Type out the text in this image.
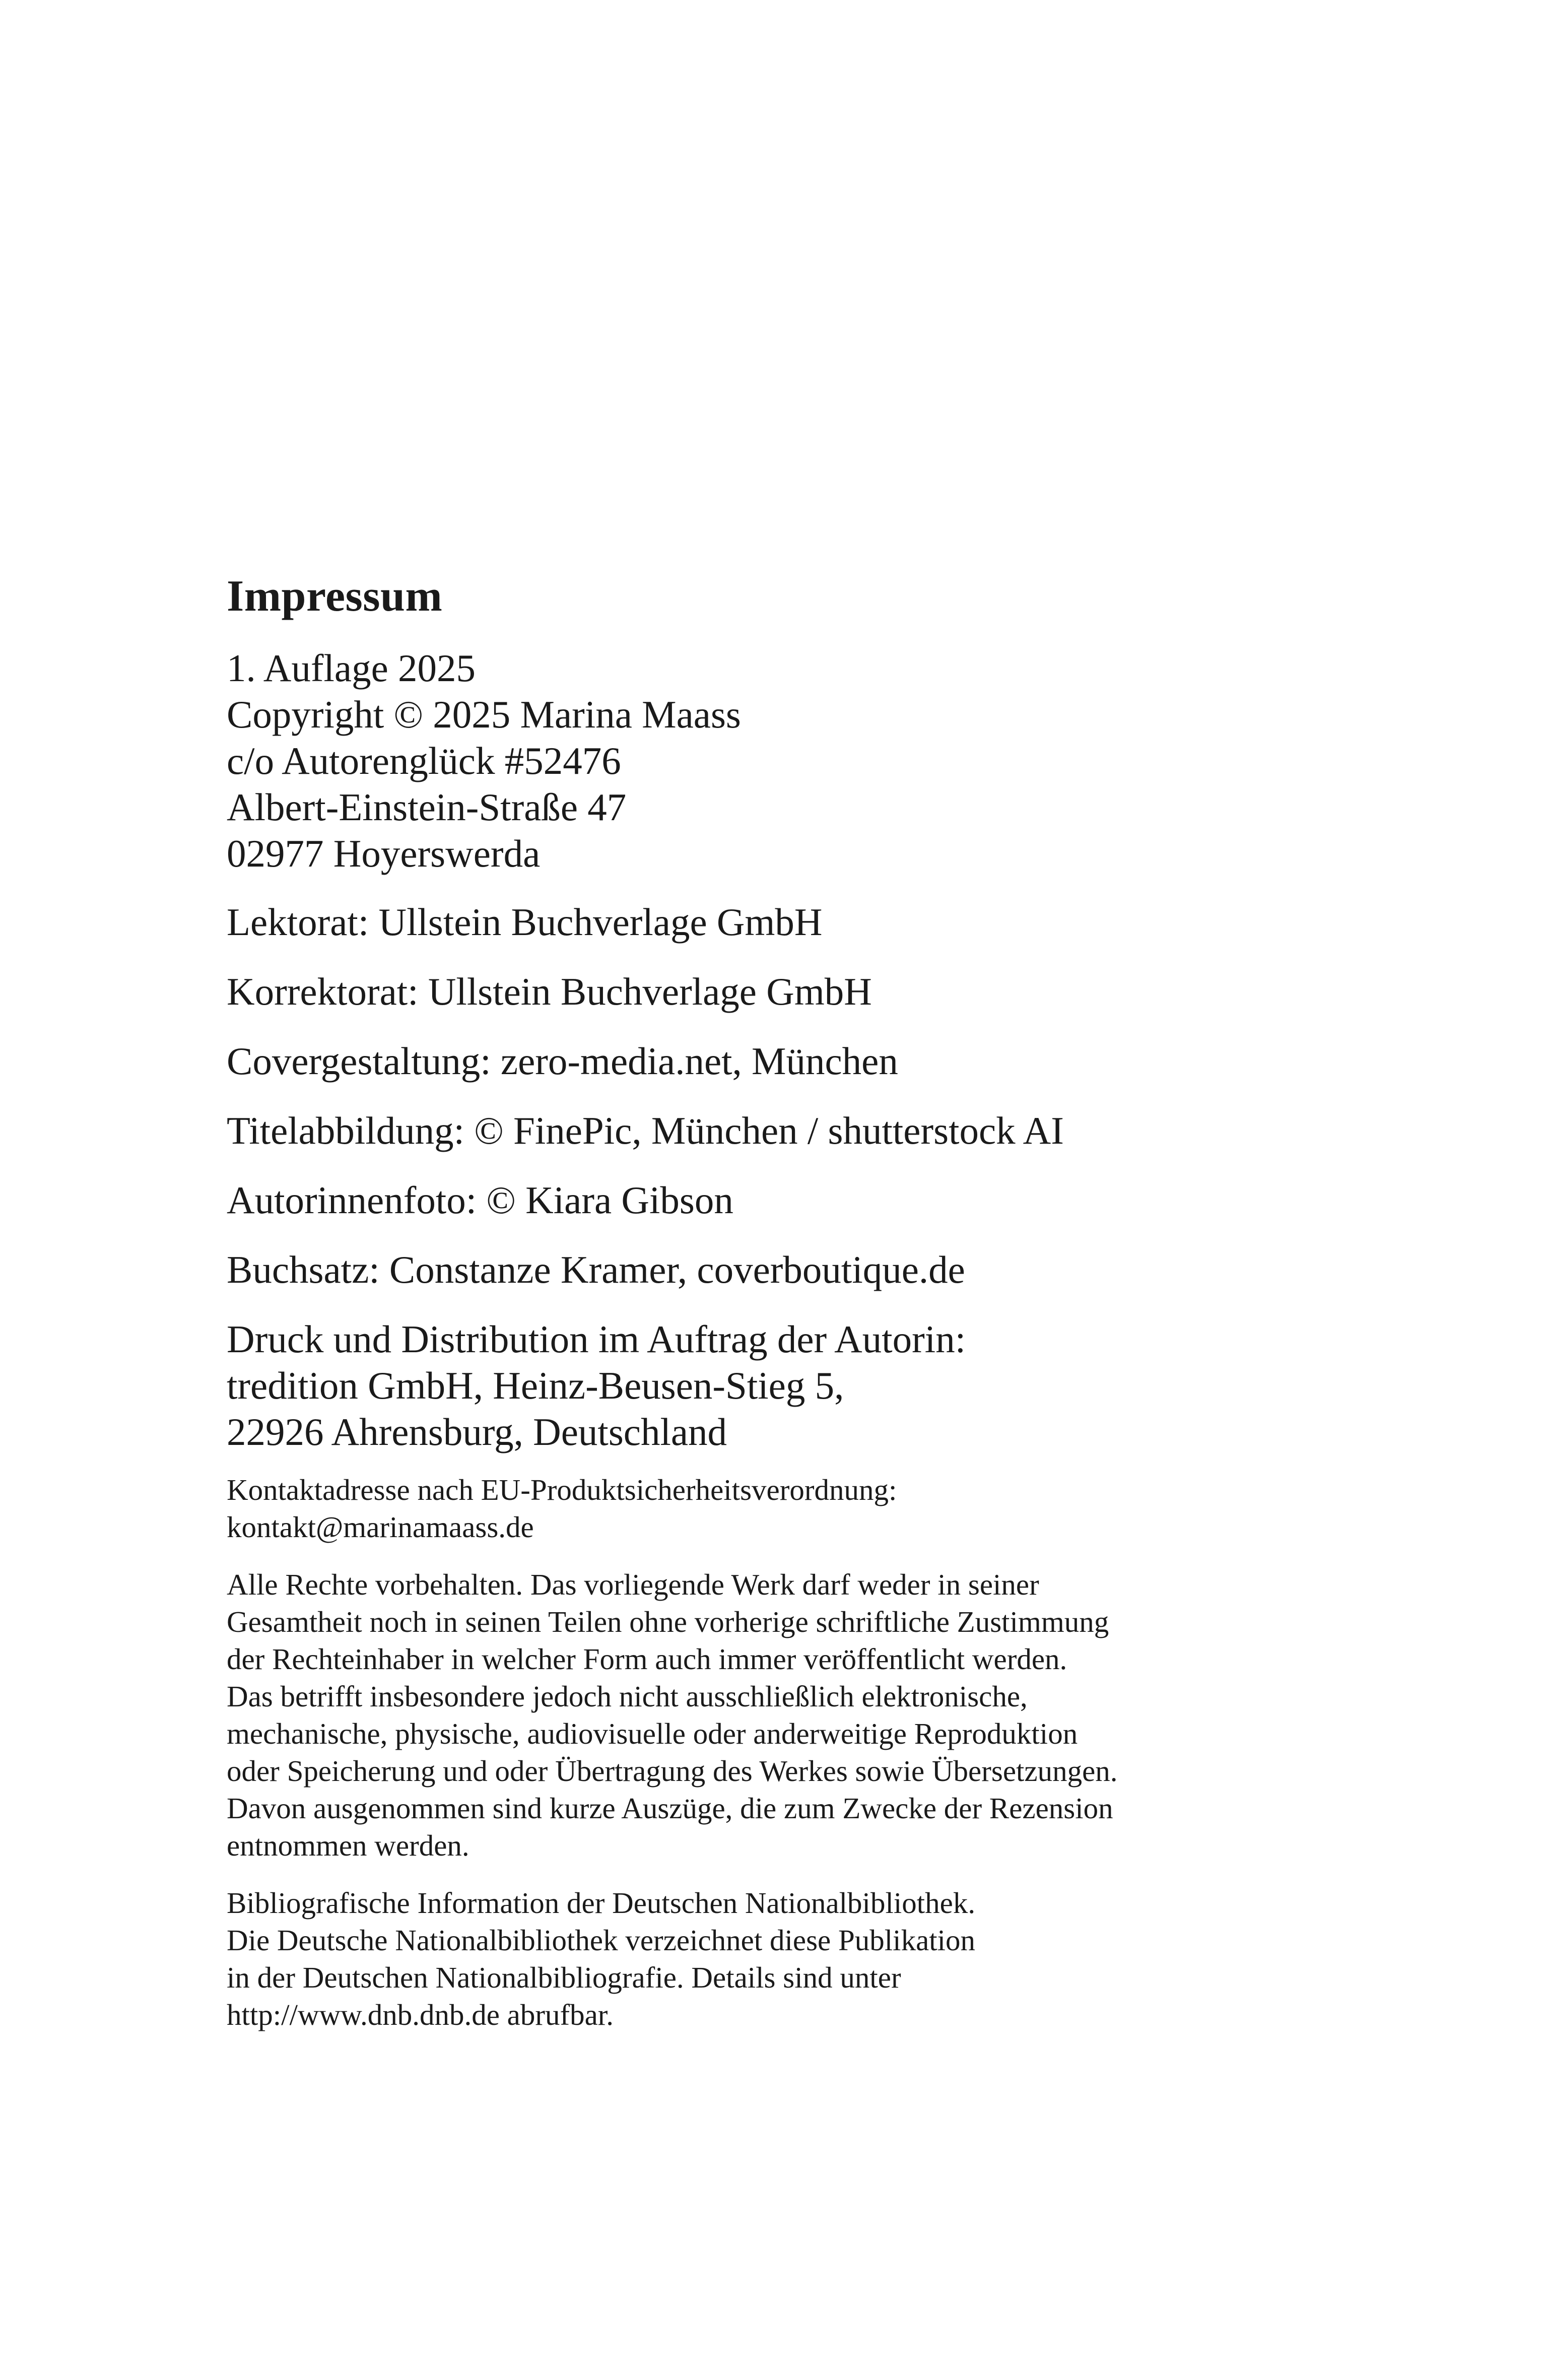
Impressum

1. Auflage 2025
Copyright © 2025 Marina Maass
c/o Autorenglück #52476
Albert-Einstein-Straße 47
02977 Hoyerswerda

Lektorat: Ullstein Buchverlage GmbH

Korrektorat: Ullstein Buchverlage GmbH

Covergestaltung: zero-media.net, München

Titelabbildung: © FinePic, München / shutterstock AI

Autorinnenfoto: © Kiara Gibson

Buchsatz: Constanze Kramer, coverboutique.de

Druck und Distribution im Auftrag der Autorin:
tredition GmbH, Heinz-Beusen-Stieg 5,
22926 Ahrensburg, Deutschland

Kontaktadresse nach EU-Produktsicherheitsverordnung:
kontakt@marinamaass.de

Alle Rechte vorbehalten. Das vorliegende Werk darf weder in seiner
Gesamtheit noch in seinen Teilen ohne vorherige schriftliche Zustimmung
der Rechteinhaber in welcher Form auch immer veröffentlicht werden.
Das betrifft insbesondere jedoch nicht ausschließlich elektronische,
mechanische, physische, audiovisuelle oder anderweitige Reproduktion
oder Speicherung und oder Übertragung des Werkes sowie Übersetzungen.
Davon ausgenommen sind kurze Auszüge, die zum Zwecke der Rezension
entnommen werden.

Bibliografische Information der Deutschen Nationalbibliothek.
Die Deutsche Nationalbibliothek verzeichnet diese Publikation
in der Deutschen Nationalbibliografie. Details sind unter
http://www.dnb.dnb.de abrufbar.
